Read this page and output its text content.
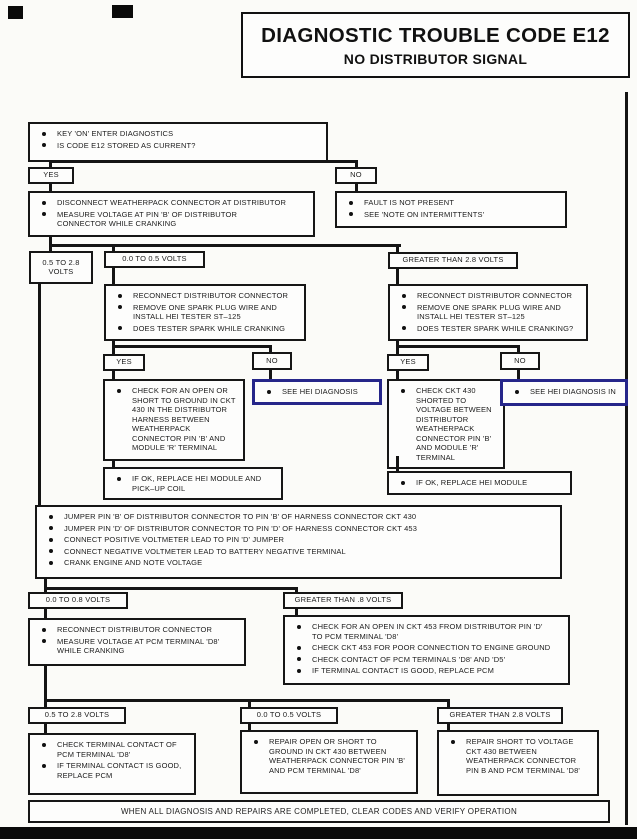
DIAGNOSTIC TROUBLE CODE E12
NO DISTRIBUTOR SIGNAL
KEY 'ON' ENTER DIAGNOSTICS
IS CODE E12 STORED AS CURRENT?
YES	NO
FAULT IS NOT PRESENT
SEE 'NOTE ON INTERMITTENTS'
DISCONNECT WEATHERPACK CONNECTOR AT DISTRIBUTOR
MEASURE VOLTAGE AT PIN 'B' OF DISTRIBUTOR CONNECTOR WHILE CRANKING
0.5 TO 2.8 VOLTS
0.0 TO 0.5 VOLTS	GREATER THAN 2.8 VOLTS
RECONNECT DISTRIBUTOR CONNECTOR
REMOVE ONE SPARK PLUG WIRE AND INSTALL HEI TESTER ST–125
DOES TESTER SPARK WHILE CRANKING
RECONNECT DISTRIBUTOR CONNECTOR
REMOVE ONE SPARK PLUG WIRE AND INSTALL HEI TESTER ST–125
DOES TESTER SPARK WHILE CRANKING?
YES	NO	YES	NO
CHECK FOR AN OPEN OR SHORT TO GROUND IN CKT 430 IN THE DISTRIBUTOR HARNESS BETWEEN WEATHERPACK CONNECTOR PIN 'B' AND MODULE 'R' TERMINAL
SEE HEI DIAGNOSIS	CHECK CKT 430 SHORTED TO VOLTAGE BETWEEN DISTRIBUTOR WEATHERPACK CONNECTOR PIN 'B' AND MODULE 'R' TERMINAL
SEE HEI DIAGNOSIS IN
IF OK, REPLACE HEI MODULE AND PICK–UP COIL
IF OK, REPLACE HEI MODULE
JUMPER PIN 'B' OF DISTRIBUTOR CONNECTOR TO PIN 'B' OF HARNESS CONNECTOR CKT 430
JUMPER PIN 'D' OF DISTRIBUTOR CONNECTOR TO PIN 'D' OF HARNESS CONNECTOR CKT 453
CONNECT POSITIVE VOLTMETER LEAD TO PIN 'D' JUMPER
CONNECT NEGATIVE VOLTMETER LEAD TO BATTERY NEGATIVE TERMINAL
CRANK ENGINE AND NOTE VOLTAGE
0.0 TO 0.8 VOLTS	GREATER THAN .8 VOLTS
RECONNECT DISTRIBUTOR CONNECTOR
MEASURE VOLTAGE AT PCM TERMINAL 'D8' WHILE CRANKING
CHECK FOR AN OPEN IN CKT 453 FROM DISTRIBUTOR PIN 'D' TO PCM TERMINAL 'D8'
CHECK CKT 453 FOR POOR CONNECTION TO ENGINE GROUND
CHECK CONTACT OF PCM TERMINALS 'D8' AND 'D5'
IF TERMINAL CONTACT IS GOOD, REPLACE PCM
0.5 TO 2.8 VOLTS	0.0 TO 0.5 VOLTS	GREATER THAN 2.8 VOLTS
CHECK TERMINAL CONTACT OF PCM TERMINAL 'D8'
IF TERMINAL CONTACT IS GOOD, REPLACE PCM
REPAIR OPEN OR SHORT TO GROUND IN CKT 430 BETWEEN WEATHERPACK CONNECTOR PIN 'B' AND PCM TERMINAL 'D8'
REPAIR SHORT TO VOLTAGE CKT 430 BETWEEN WEATHERPACK CONNECTOR PIN B AND PCM TERMINAL 'D8'
WHEN ALL DIAGNOSIS AND REPAIRS ARE COMPLETED, CLEAR CODES AND VERIFY OPERATION
